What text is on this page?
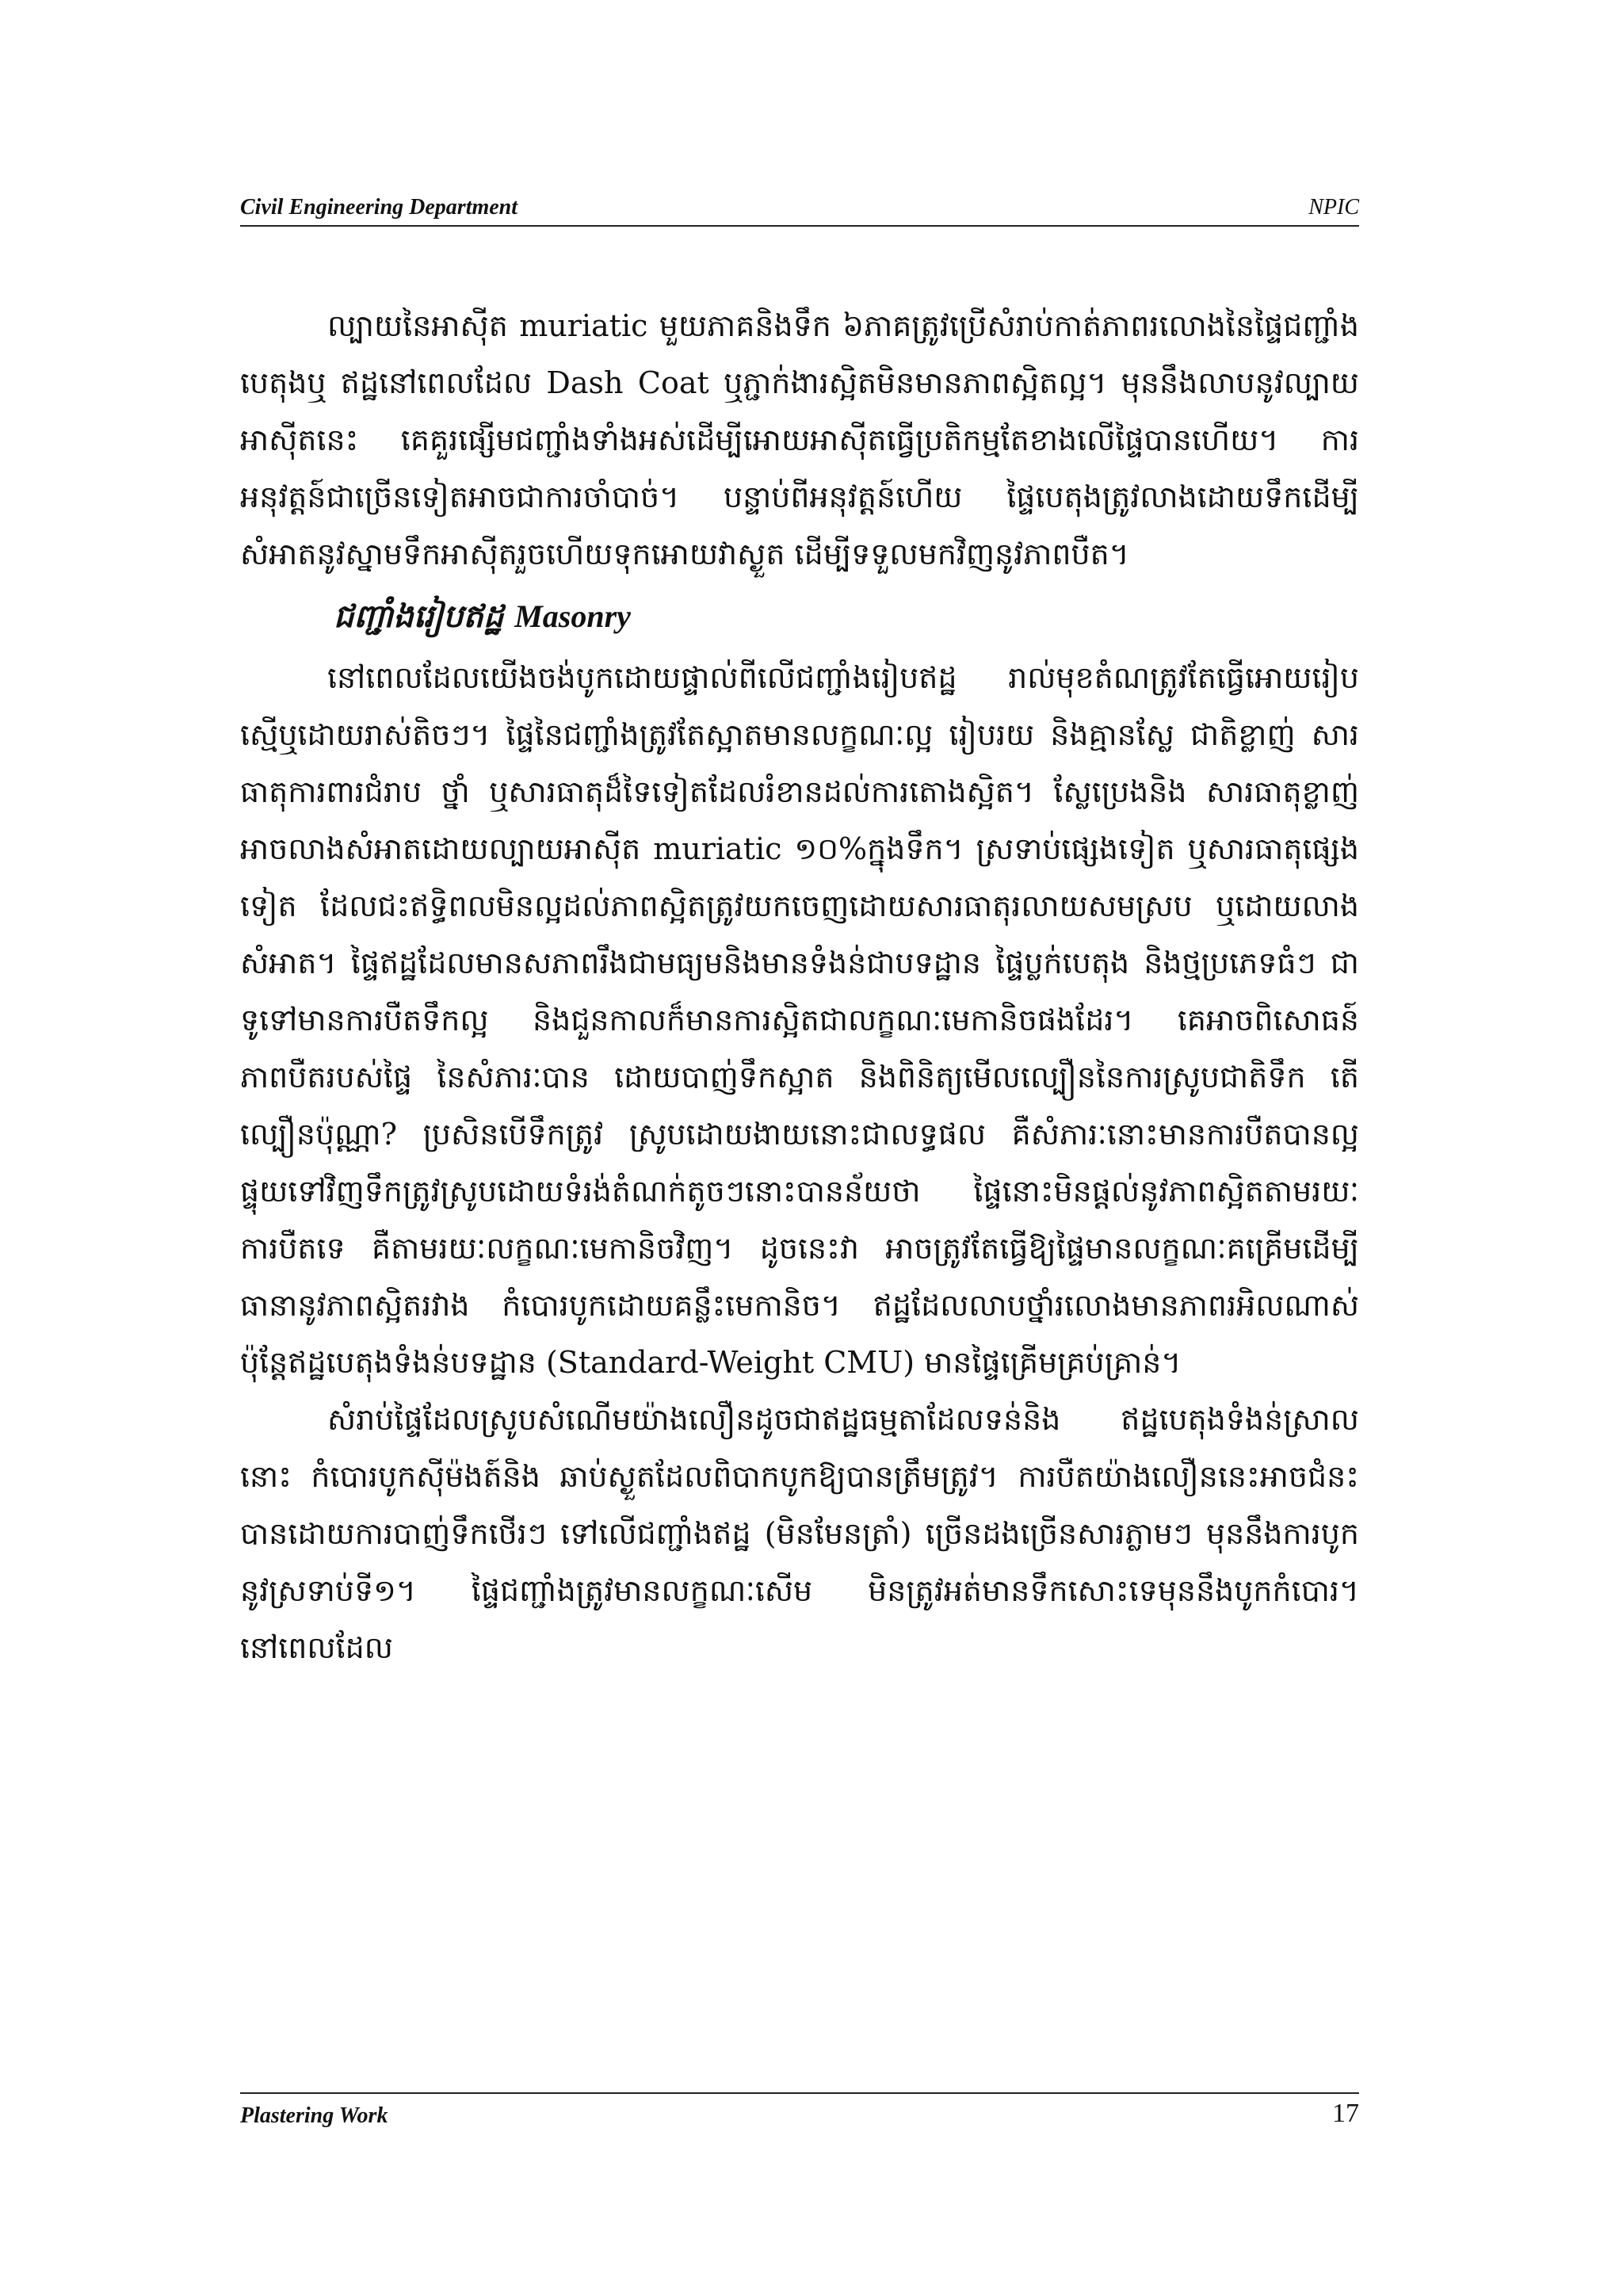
Civil Engineering Department	NPIC

ល្បាយនៃអាស៊ីត muriatic មួយភាគនិងទឹក ៦ភាគត្រូវប្រើសំរាប់កាត់ភាពរលោងនៃផ្ទៃជញ្ជាំងបេតុងឬ ឥដ្ឋនៅពេលដែល Dash Coat ឬភ្ជាក់ងារស្អិតមិនមានភាពស្អិតល្អ។ មុននឹងលាបនូវល្បាយអាស៊ីតនេះ គេគួរផ្សើមជញ្ជាំងទាំងអស់ដើម្បីអោយអាស៊ីតធ្វើប្រតិកម្មតែខាងលើផ្ទៃបានហើយ។ ការអនុវត្តន៍ជាច្រើនទៀតអាចជាការចាំបាច់។ បន្ទាប់ពីអនុវត្តន៍ហើយ ផ្ទៃបេតុងត្រូវលាងដោយទឹកដើម្បីសំអាតនូវស្នាមទឹកអាស៊ីតរួចហើយទុកអោយវាស្ងួត ដើម្បីទទួលមកវិញនូវភាពបឺត។

ជញ្ជាំងរៀបឥដ្ឋ Masonry

នៅពេលដែលយើងចង់បូកដោយផ្ទាល់ពីលើជញ្ជាំងរៀបឥដ្ឋ រាល់មុខតំណត្រូវតែធ្វើអោយរៀបស្មើឬដោយរាស់តិចៗ។ ផ្ទៃនៃជញ្ជាំងត្រូវតែស្អាតមានលក្ខណៈល្អ រៀបរយ និងគ្មានស្លែ ជាតិខ្លាញ់ សារធាតុការពារជំរាប ថ្នាំ ឬសារធាតុដ៏ទៃទៀតដែលរំខានដល់ការតោងស្អិត។ ស្លែប្រេងនិង សារធាតុខ្លាញ់អាចលាងសំអាតដោយល្បាយអាស៊ីត muriatic ១០%ក្នុងទឹក។ ស្រទាប់ផ្សេងទៀត ឬសារធាតុផ្សេងទៀត ដែលជះឥទ្ធិពលមិនល្អដល់ភាពស្អិតត្រូវយកចេញដោយសារធាតុរលាយសមស្រប ឬដោយលាងសំអាត។ ផ្ទៃឥដ្ឋដែលមានសភាពរឹងជាមធ្យមនិងមានទំងន់ជាបទដ្ឋាន ផ្ទៃប្លក់បេតុង និងថ្មប្រភេទធំៗ ជាទូទៅមានការបឺតទឹកល្អ និងជួនកាលក៏មានការស្អិតជាលក្ខណៈមេកានិចផងដែរ។ គេអាចពិសោធន៍ភាពបឺតរបស់ផ្ទៃ នៃសំភារៈបាន ដោយបាញ់ទឹកស្អាត និងពិនិត្យមើលល្បឿននៃការស្រូបជាតិទឹក តើល្បឿនប៉ុណ្ណា? ប្រសិនបើទឹកត្រូវ ស្រូបដោយងាយនោះជាលទ្ធផល គឺសំភារៈនោះមានការបឺតបានល្អ ផ្ទុយទៅវិញទឹកត្រូវស្រូបដោយទំរង់តំណក់តូចៗនោះបានន័យថា ផ្ទៃនោះមិនផ្តល់នូវភាពស្អិតតាមរយៈការបឺតទេ គឺតាមរយៈលក្ខណៈមេកានិចវិញ។ ដូចនេះវា អាចត្រូវតែធ្វើឱ្យផ្ទៃមានលក្ខណៈគគ្រើមដើម្បីធានានូវភាពស្អិតរវាង កំបោរបូកដោយគន្លឹះមេកានិច។ ឥដ្ឋដែលលាបថ្នាំរលោងមានភាពរអិលណាស់ ប៉ុន្តែឥដ្ឋបេតុងទំងន់បទដ្ឋាន (Standard-Weight CMU) មានផ្ទៃគ្រើមគ្រប់គ្រាន់។

សំរាប់ផ្ទៃដែលស្រូបសំណើមយ៉ាងលឿនដូចជាឥដ្ឋធម្មតាដែលទន់និង ឥដ្ឋបេតុងទំងន់ស្រាលនោះ កំបោរបូកស៊ីម៉ងត៍និង ឆាប់ស្ងួតដែលពិបាកបូកឱ្យបានត្រឹមត្រូវ។ ការបឺតយ៉ាងលឿននេះអាចជំនះបានដោយការបាញ់ទឹកថើរៗ ទៅលើជញ្ជាំងឥដ្ឋ (មិនមែនត្រាំ) ច្រើនដងច្រើនសារភ្លាមៗ មុននឹងការបូកនូវស្រទាប់ទី១។ ផ្ទៃជញ្ជាំងត្រូវមានលក្ខណៈសើម មិនត្រូវអត់មានទឹកសោះទេមុននឹងបូកកំបោរ។ នៅពេលដែល

Plastering Work	17
